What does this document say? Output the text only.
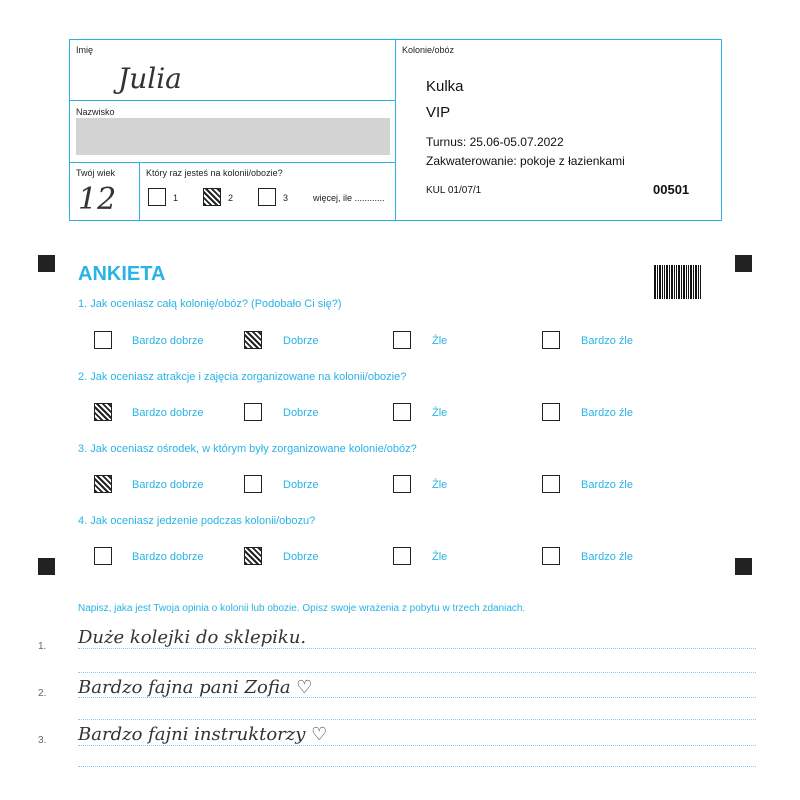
Imię
Julia
Nazwisko
Twój wiek
12
Który raz jesteś na kolonii/obozie?
1	2	3	więcej, ile ............
Kolonie/obóz
Kulka
VIP
Turnus: 25.06-05.07.2022
Zakwaterowanie: pokoje z łazienkami
KUL 01/07/1	00501
ANKIETA
1. Jak oceniasz całą kolonię/obóz? (Podobało Ci się?)
Bardzo dobrze	Dobrze	Źle	Bardzo źle
2. Jak oceniasz atrakcje i zajęcia zorganizowane na kolonii/obozie?
Bardzo dobrze	Dobrze	Źle	Bardzo źle
3. Jak oceniasz ośrodek, w którym były zorganizowane kolonie/obóz?
Bardzo dobrze	Dobrze	Źle	Bardzo źle
4. Jak oceniasz jedzenie podczas kolonii/obozu?
Bardzo dobrze	Dobrze	Źle	Bardzo źle
Napisz, jaka jest Twoja opinia o kolonii lub obozie. Opisz swoje wrażenia z pobytu w trzech zdaniach.
1. Duże kolejki do sklepiku.
2. Bardzo fajna pani Zofia ♡
3. Bardzo fajni instruktorzy ♡
